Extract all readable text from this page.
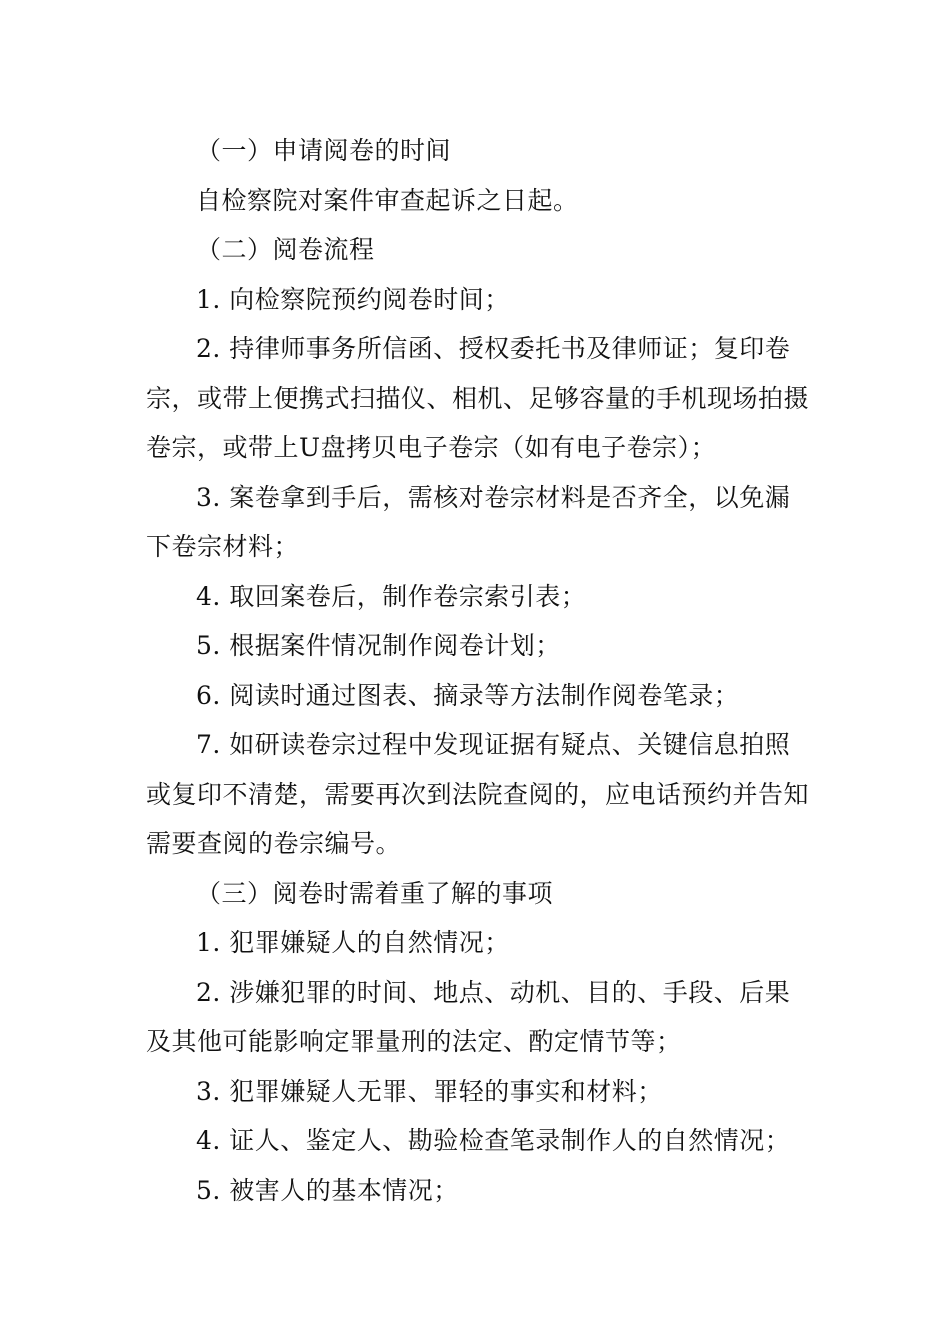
（一）申请阅卷的时间

自检察院对案件审查起诉之日起。

（二）阅卷流程

1. 向检察院预约阅卷时间；

2. 持律师事务所信函、授权委托书及律师证；复印卷宗，或带上便携式扫描仪、相机、足够容量的手机现场拍摄卷宗，或带上U盘拷贝电子卷宗（如有电子卷宗）；

3. 案卷拿到手后，需核对卷宗材料是否齐全，以免漏下卷宗材料；

4. 取回案卷后，制作卷宗索引表；

5. 根据案件情况制作阅卷计划；

6. 阅读时通过图表、摘录等方法制作阅卷笔录；

7. 如研读卷宗过程中发现证据有疑点、关键信息拍照或复印不清楚，需要再次到法院查阅的，应电话预约并告知需要查阅的卷宗编号。

（三）阅卷时需着重了解的事项

1. 犯罪嫌疑人的自然情况；

2. 涉嫌犯罪的时间、地点、动机、目的、手段、后果及其他可能影响定罪量刑的法定、酌定情节等；

3. 犯罪嫌疑人无罪、罪轻的事实和材料；

4. 证人、鉴定人、勘验检查笔录制作人的自然情况；

5. 被害人的基本情况；
